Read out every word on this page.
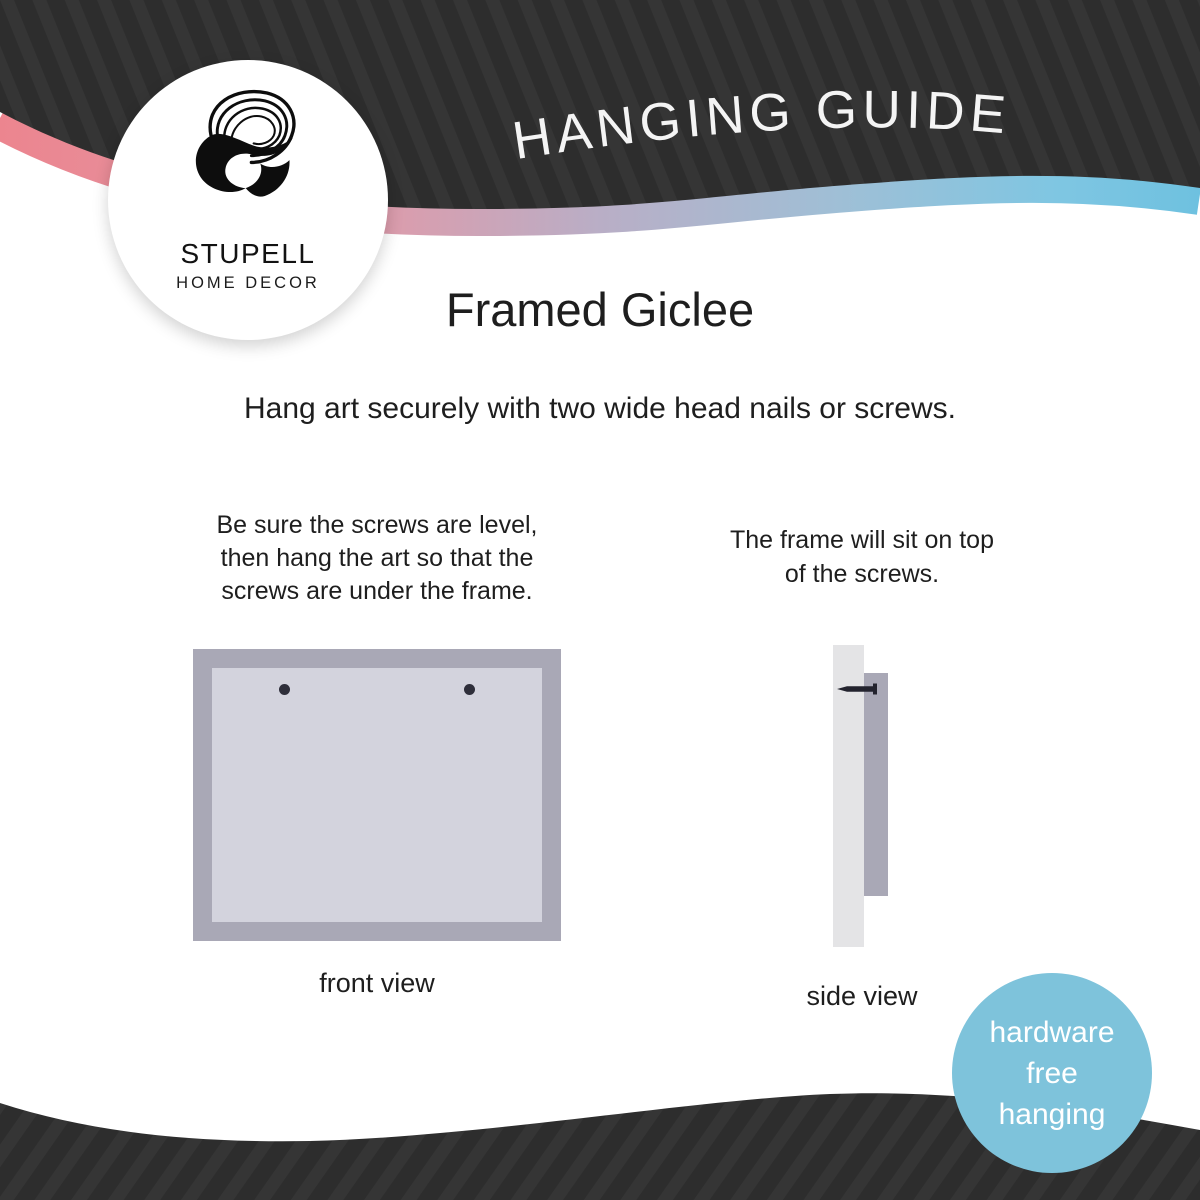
HANGING GUIDE
STUPELL
HOME DECOR	Framed Giclee
Hang art securely with two wide head nails or screws.
Be sure the screws are level,
then hang the art so that the
screws are under the frame.
The frame will sit on top
of the screws.
front view	side view
hardware
free
hanging
